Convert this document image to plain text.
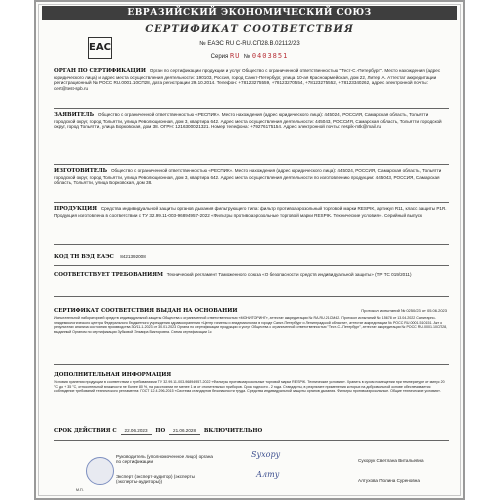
ЕВРАЗИЙСКИЙ ЭКОНОМИЧЕСКИЙ СОЮЗ
СЕРТИФИКАТ СООТВЕТСТВИЯ
EAC	№ ЕАЭС RU С-RU.СП28.В.02112/23
Серия RU № 0403851
ОРГАН ПО СЕРТИФИКАЦИИ Орган по сертификации продукции и услуг Общество с ограниченной ответственностью "Тест-С.-Петербург". Место нахождения (адрес юридического лица) и адрес места осуществления деятельности: 190103, Россия, город Санкт-Петербург, улица 10-ая Красноармейская, дом 22, Литер А. Аттестат аккредитации регистрационный № РОСС RU.0001.10СП28, дата регистрации 29.10.2014. Телефон: +78123275559, +78123270554, +78123275552, +78123340262, адрес электронной почты: cert@test-spb.ru
ЗАЯВИТЕЛЬ Общество с ограниченной ответственностью «РЕСПИК». Место нахождения (адрес юридического лица): 445024, РОССИЯ, Самарская область, Тольятти городской округ, город Тольятти, улица Революционная, дом 3, квартира 642. Адрес места осуществления деятельности: 445043, РОССИЯ, Самарская область, Тольятти городской округ, город Тольятти, улица Борковская, дом 38. ОГРН: 1216300021321. Номер телефона: +79276175154. Адрес электронной почты: respik-mtk@mail.ru
ИЗГОТОВИТЕЛЬ Общество с ограниченной ответственностью «РЕСПИК». Место нахождения (адрес юридического лица): 445024, РОССИЯ, Самарская область, Тольятти городской округ, город Тольятти, улица Революционная, дом 3, квартира 642. Адрес места осуществления деятельности по изготовлению продукции: 445043, РОССИЯ, Самарская область, Тольятти, улица Борковская, дом 38.
ПРОДУКЦИЯ Средства индивидуальной защиты органов дыхания фильтрующего типа: фильтр противоаэрозольный торговой марки RESPIK, артикул R11, класс защиты Р1R. Продукция изготовлена в соответствии с ТУ 32.99.11-003-96894957-2022 «Фильтры противоаэрозольные торговой марки RESPIK. Технические условия». Серийный выпуск
КОД ТН ВЭД ЕАЭС 8421392008
СООТВЕТСТВУЕТ ТРЕБОВАНИЯМ Технический регламент Таможенного союза «О безопасности средств индивидуальной защиты» (ТР ТС 019/2011)
СЕРТИФИКАТ СООТВЕТСТВИЯ ВЫДАН НА ОСНОВАНИИ	Протокол испытаний № 0250/23 от 05.06.2023
Испытательной лабораторией средств индивидуальной защиты Общества с ограниченной ответственностью «МОНИТОРИНГ», аттестат аккредитации № RA.RU.21СМ42. Протокол испытаний № 15678 от 13.04.2022 Санитарно-эпидемиологического центра Федерального бюджетного учреждения здравоохранения «Центр гигиены и эпидемиологии в городе Санкт-Петербург и Ленинградской области», аттестат аккредитации № РОСС RU.0001.510151. Акт о результатах анализа состояния производства 30/11-1-2023 от 30.01.2023 Органа по сертификации продукции и услуг Общества с ограниченной ответственностью "Тест-С.-Петербург", аттестат аккредитации № РОСС RU.0001.10СП28, выданный Органом по сертификации Зубковой Эльвира Викторовна. Схема сертификации 1с
ДОПОЛНИТЕЛЬНАЯ ИНФОРМАЦИЯ
Условия хранения продукции в соответствии с требованиями ТУ 32.99.11-003-96894957-2022 «Фильтры противоаэрозольные торговой марки RESPIK. Технические условия». Хранить в сухом помещении при температуре от минус 20 °С до + 35 °С, относительной влажности не более 80 %, на расстоянии не менее 1 м от отопительных приборов. Срок годности - 2 года. Стандарты, в результате применения которых на добровольной основе обеспечивается соблюдение требований технического регламента: ГОСТ 12.4.296-2015 «Система стандартов безопасности труда. Средства индивидуальной защиты органов дыхания. Фильтры противоаэрозольные. Общие технические условия».
СРОК ДЕЙСТВИЯ С 22.06.2023 ПО 21.06.2028 ВКЛЮЧИТЕЛЬНО
Руководитель (уполномоченное лицо) органа по сертификации
Sухору
Сухорук Светлана Витальевна
Эксперт (эксперт-аудитор) (эксперты (эксперты-аудиторы))
Алту
Алтухова Полина Суреновна
М.П.
